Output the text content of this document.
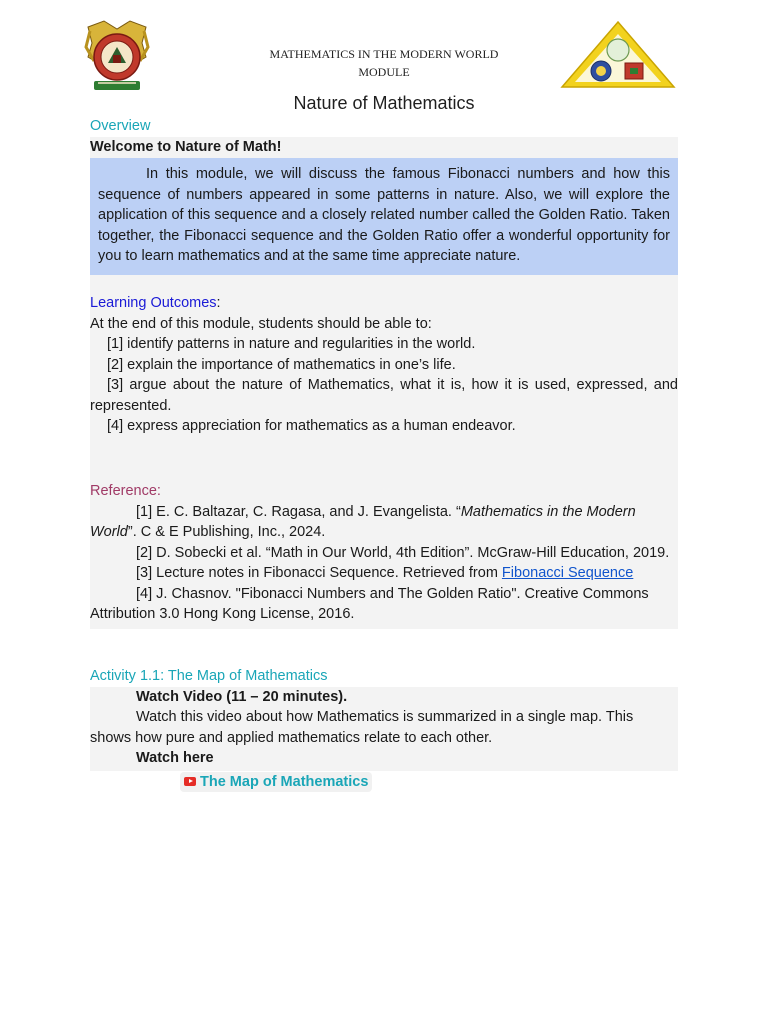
MATHEMATICS IN THE MODERN WORLD
MODULE
Nature of Mathematics
Overview
Welcome to Nature of Math!

In this module, we will discuss the famous Fibonacci numbers and how this sequence of numbers appeared in some patterns in nature. Also, we will explore the application of this sequence and a closely related number called the Golden Ratio. Taken together, the Fibonacci sequence and the Golden Ratio offer a wonderful opportunity for you to learn mathematics and at the same time appreciate nature.

Learning Outcomes:
At the end of this module, students should be able to:
[1] identify patterns in nature and regularities in the world.
[2] explain the importance of mathematics in one’s life.
[3] argue about the nature of Mathematics, what it is, how it is used, expressed, and represented.
[4] express appreciation for mathematics as a human endeavor.
Reference:
[1] E. C. Baltazar, C. Ragasa, and J. Evangelista. “Mathematics in the Modern World”. C & E Publishing, Inc., 2024.
[2] D. Sobecki et al. “Math in Our World, 4th Edition”. McGraw-Hill Education, 2019.
[3] Lecture notes in Fibonacci Sequence. Retrieved from Fibonacci Sequence
[4] J. Chasnov. "Fibonacci Numbers and The Golden Ratio". Creative Commons Attribution 3.0 Hong Kong License, 2016.
Activity 1.1: The Map of Mathematics
Watch Video (11 – 20 minutes).
Watch this video about how Mathematics is summarized in a single map. This shows how pure and applied mathematics relate to each other.
Watch here
The Map of Mathematics
